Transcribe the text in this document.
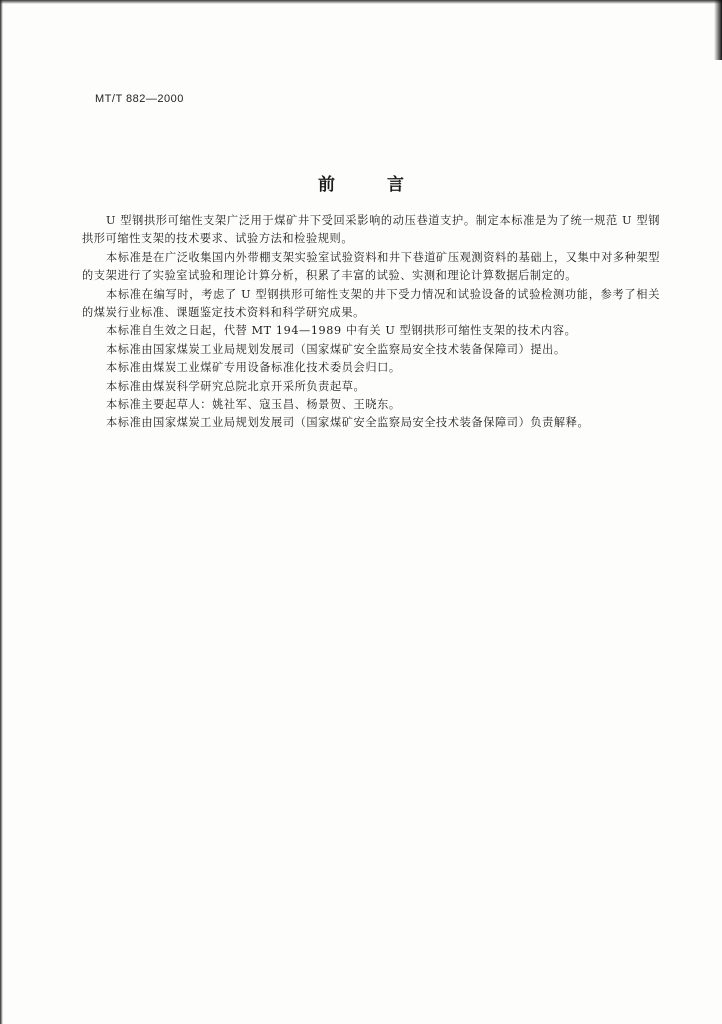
MT/T 882—2000
前	言

U 型钢拱形可缩性支架广泛用于煤矿井下受回采影响的动压巷道支护。制定本标准是为了统一规范 U 型钢拱形可缩性支架的技术要求、试验方法和检验规则。

本标准是在广泛收集国内外带棚支架实验室试验资料和井下巷道矿压观测资料的基础上，又集中对多种架型的支架进行了实验室试验和理论计算分析，积累了丰富的试验、实测和理论计算数据后制定的。

本标准在编写时，考虑了 U 型钢拱形可缩性支架的井下受力情况和试验设备的试验检测功能，参考了相关的煤炭行业标准、课题鉴定技术资料和科学研究成果。

本标准自生效之日起，代替 MT 194—1989 中有关 U 型钢拱形可缩性支架的技术内容。

本标准由国家煤炭工业局规划发展司（国家煤矿安全监察局安全技术装备保障司）提出。

本标准由煤炭工业煤矿专用设备标准化技术委员会归口。

本标准由煤炭科学研究总院北京开采所负责起草。

本标准主要起草人：姚社军、寇玉昌、杨景贺、王晓东。

本标准由国家煤炭工业局规划发展司（国家煤矿安全监察局安全技术装备保障司）负责解释。
